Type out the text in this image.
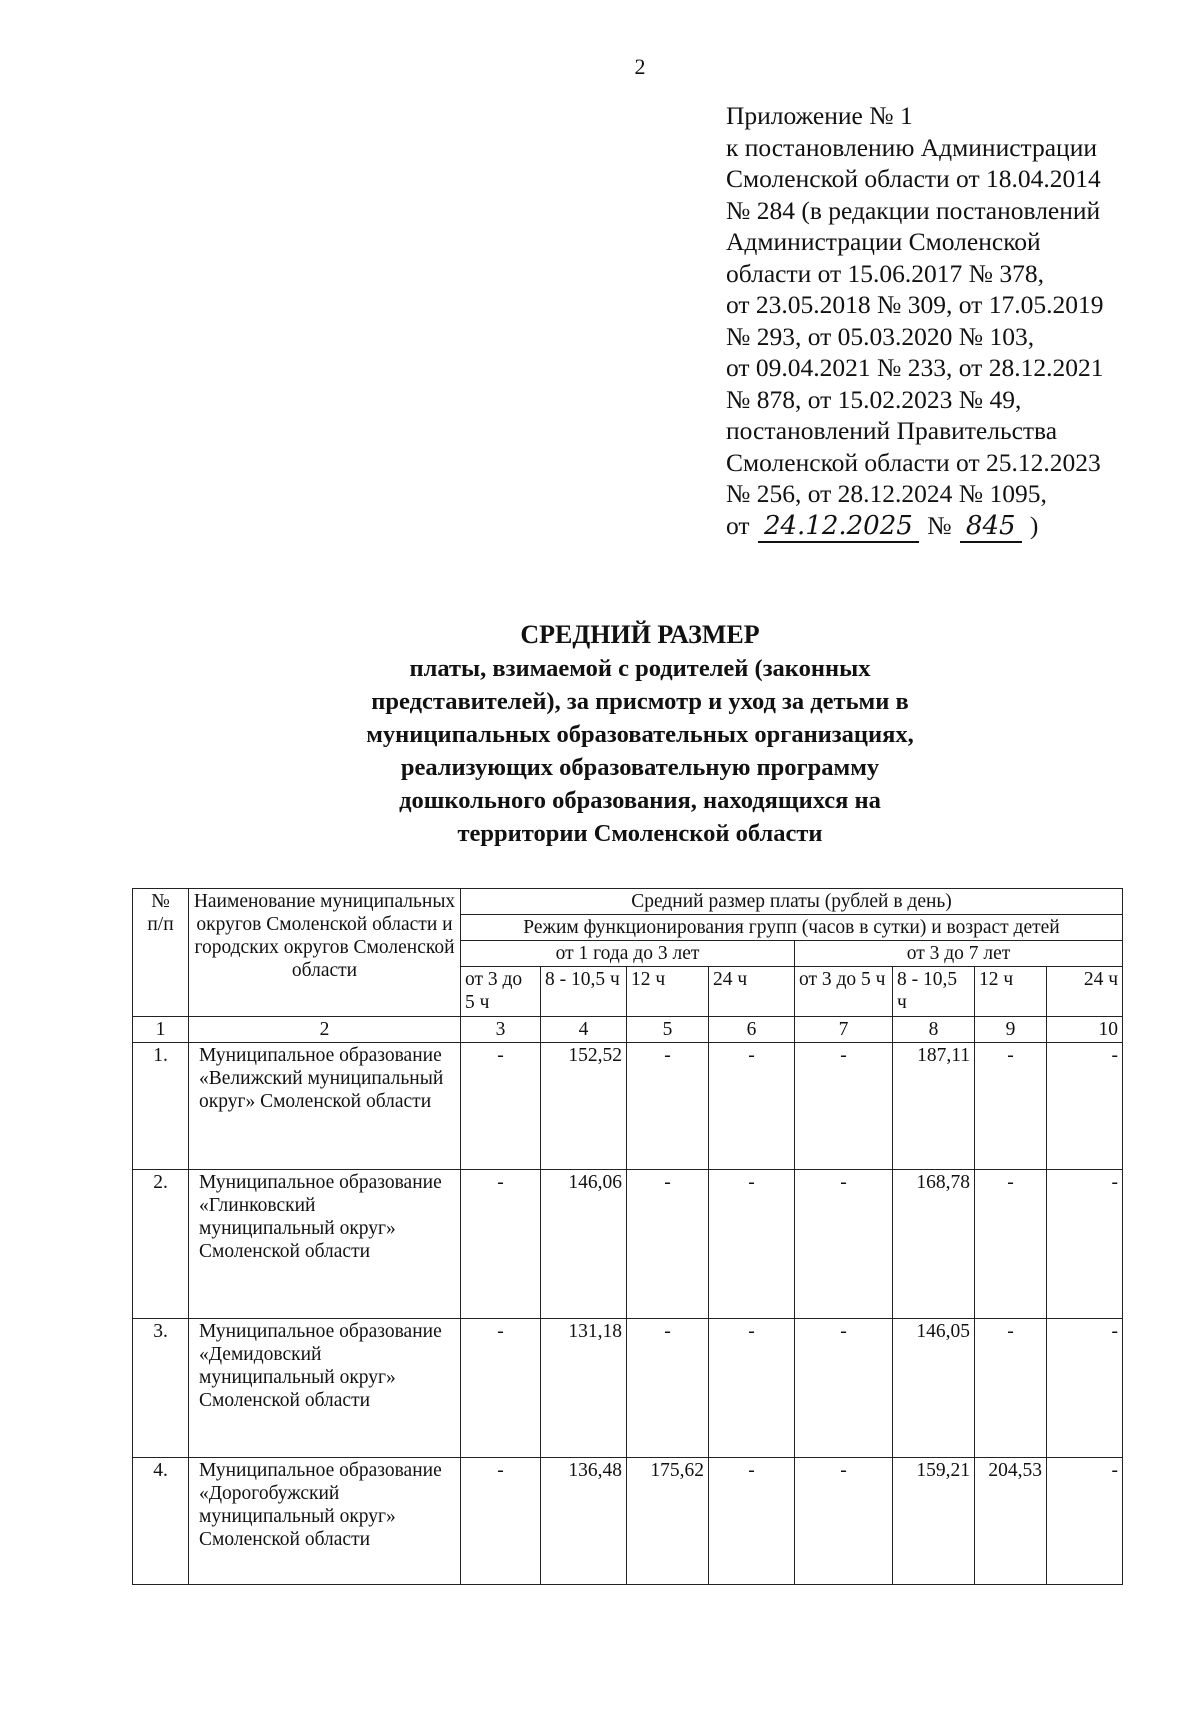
2
Приложение № 1
к постановлению Администрации
Смоленской области от 18.04.2014
№ 284 (в редакции постановлений
Администрации Смоленской
области от 15.06.2017 № 378,
от 23.05.2018 № 309, от 17.05.2019
№ 293, от 05.03.2020 № 103,
от 09.04.2021 № 233, от 28.12.2021
№ 878, от 15.02.2023 № 49,
постановлений Правительства
Смоленской области от 25.12.2023
№ 256, от 28.12.2024 № 1095,
от 24.12.2025 № 845 )
СРЕДНИЙ РАЗМЕР
платы, взимаемой с родителей (законных
представителей), за присмотр и уход за детьми в
муниципальных образовательных организациях,
реализующих образовательную программу
дошкольного образования, находящихся на
территории Смоленской области
№
п/п	Наименование муниципальных округов Смоленской области и городских округов Смоленской области	Средний размер платы (рублей в день)							
		Режим функционирования групп (часов в сутки) и возраст детей							
		от 1 года до 3 лет				от 3 до 7 лет			
		от 3 до 5 ч	8 - 10,5 ч	12 ч	24 ч	от 3 до 5 ч	8 - 10,5 ч	12 ч	24 ч
1	2	3	4	5	6	7	8	9	10
1.	Муниципальное образование «Велижский муниципальный округ» Смоленской области	-	152,52	-	-	-	187,11	-	-
2.	Муниципальное образование «Глинковский муниципальный округ» Смоленской области	-	146,06	-	-	-	168,78	-	-
3.	Муниципальное образование «Демидовский муниципальный округ» Смоленской области	-	131,18	-	-	-	146,05	-	-
4.	Муниципальное образование «Дорогобужский муниципальный округ» Смоленской области	-	136,48	175,62	-	-	159,21	204,53	-
